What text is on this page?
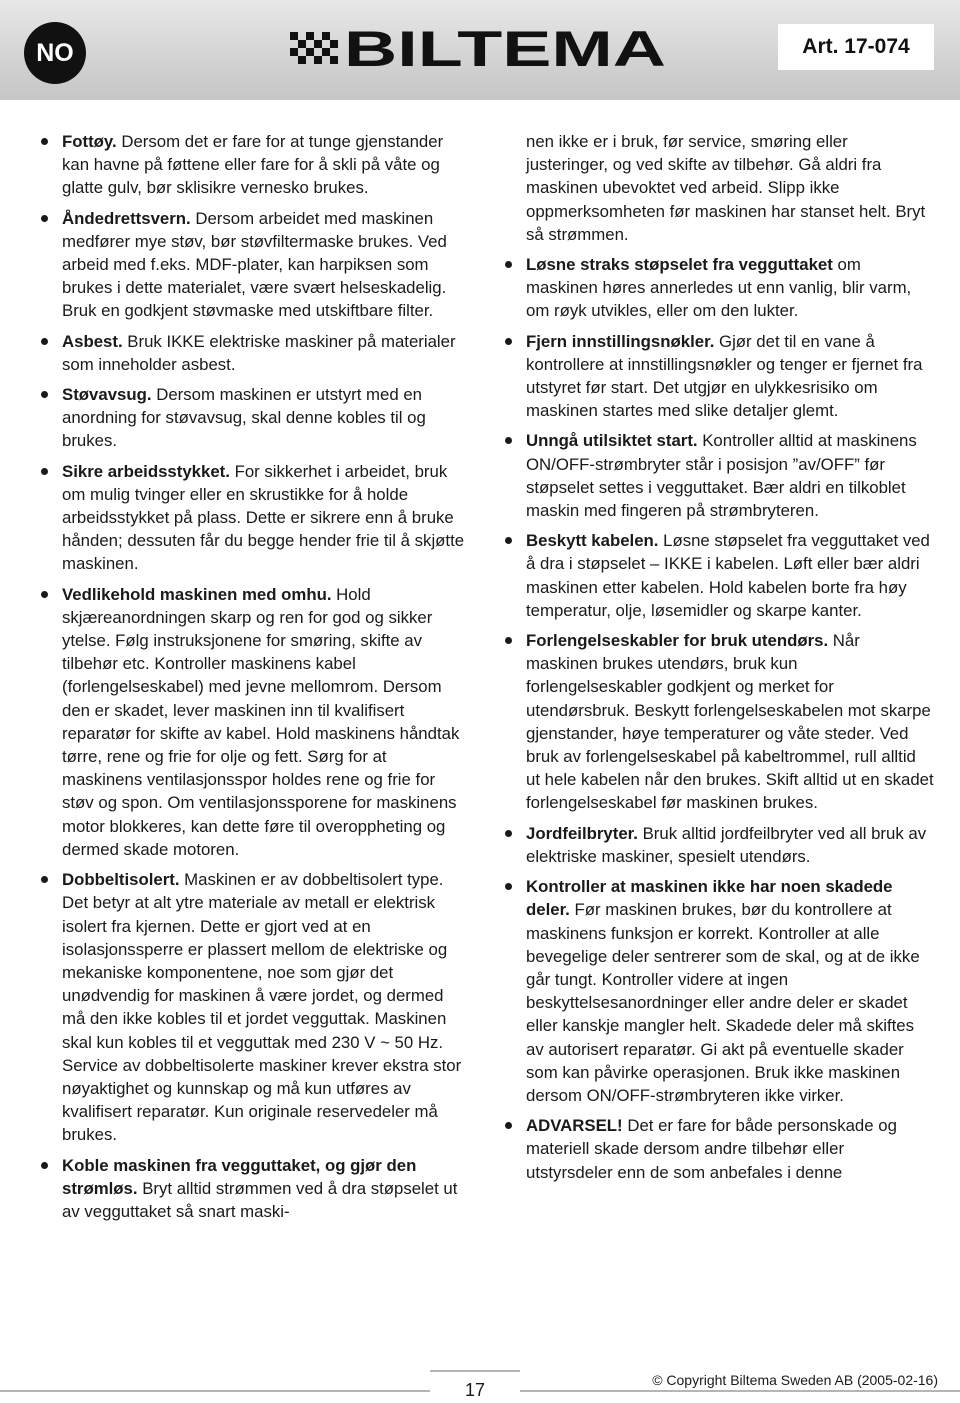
NO	BILTEMA	Art. 17-074
Fottøy. Dersom det er fare for at tunge gjenstander kan havne på føttene eller fare for å skli på våte og glatte gulv, bør sklisikre vernesko brukes.
Åndedrettsvern. Dersom arbeidet med maskinen medfører mye støv, bør støvfiltermaske brukes. Ved arbeid med f.eks. MDF-plater, kan harpiksen som brukes i dette materialet, være svært helseskadelig. Bruk en godkjent støvmaske med utskiftbare filter.
Asbest. Bruk IKKE elektriske maskiner på materialer som inneholder asbest.
Støvavsug. Dersom maskinen er utstyrt med en anordning for støvavsug, skal denne kobles til og brukes.
Sikre arbeidsstykket. For sikkerhet i arbeidet, bruk om mulig tvinger eller en skrustikke for å holde arbeidsstykket på plass. Dette er sikrere enn å bruke hånden; dessuten får du begge hender frie til å skjøtte maskinen.
Vedlikehold maskinen med omhu. Hold skjæreanordningen skarp og ren for god og sikker ytelse. Følg instruksjonene for smøring, skifte av tilbehør etc. Kontroller maskinens kabel (forlengelseskabel) med jevne mellomrom. Dersom den er skadet, lever maskinen inn til kvalifisert reparatør for skifte av kabel. Hold maskinens håndtak tørre, rene og frie for olje og fett. Sørg for at maskinens ventilasjonsspor holdes rene og frie for støv og spon. Om ventilasjonssporene for maskinens motor blokkeres, kan dette føre til overoppheting og dermed skade motoren.
Dobbeltisolert. Maskinen er av dobbeltisolert type. Det betyr at alt ytre materiale av metall er elektrisk isolert fra kjernen. Dette er gjort ved at en isolasjonssperre er plassert mellom de elektriske og mekaniske komponentene, noe som gjør det unødvendig for maskinen å være jordet, og dermed må den ikke kobles til et jordet vegguttak. Maskinen skal kun kobles til et vegguttak med 230 V ~ 50 Hz. Service av dobbeltisolerte maskiner krever ekstra stor nøyaktighet og kunnskap og må kun utføres av kvalifisert reparatør. Kun originale reservedeler må brukes.
Koble maskinen fra vegguttaket, og gjør den strømløs. Bryt alltid strømmen ved å dra støpselet ut av vegguttaket så snart maski-
nen ikke er i bruk, før service, smøring eller justeringer, og ved skifte av tilbehør. Gå aldri fra maskinen ubevoktet ved arbeid. Slipp ikke oppmerksomheten før maskinen har stanset helt. Bryt så strømmen.
Løsne straks støpselet fra vegguttaket om maskinen høres annerledes ut enn vanlig, blir varm, om røyk utvikles, eller om den lukter.
Fjern innstillingsnøkler. Gjør det til en vane å kontrollere at innstillingsnøkler og tenger er fjernet fra utstyret før start. Det utgjør en ulykkesrisiko om maskinen startes med slike detaljer glemt.
Unngå utilsiktet start. Kontroller alltid at maskinens ON/OFF-strømbryter står i posisjon ”av/OFF” før støpselet settes i vegguttaket. Bær aldri en tilkoblet maskin med fingeren på strømbryteren.
Beskytt kabelen. Løsne støpselet fra vegguttaket ved å dra i støpselet – IKKE i kabelen. Løft eller bær aldri maskinen etter kabelen. Hold kabelen borte fra høy temperatur, olje, løsemidler og skarpe kanter.
Forlengelseskabler for bruk utendørs. Når maskinen brukes utendørs, bruk kun forlengelseskabler godkjent og merket for utendørsbruk. Beskytt forlengelseskabelen mot skarpe gjenstander, høye temperaturer og våte steder. Ved bruk av forlengelseskabel på kabeltrommel, rull alltid ut hele kabelen når den brukes. Skift alltid ut en skadet forlengelseskabel før maskinen brukes.
Jordfeilbryter. Bruk alltid jordfeilbryter ved all bruk av elektriske maskiner, spesielt utendørs.
Kontroller at maskinen ikke har noen skadede deler. Før maskinen brukes, bør du kontrollere at maskinens funksjon er korrekt. Kontroller at alle bevegelige deler sentrerer som de skal, og at de ikke går tungt. Kontroller videre at ingen beskyttelsesanordninger eller andre deler er skadet eller kanskje mangler helt. Skadede deler må skiftes av autorisert reparatør. Gi akt på eventuelle skader som kan påvirke operasjonen. Bruk ikke maskinen dersom ON/OFF-strømbryteren ikke virker.
ADVARSEL! Det er fare for både personskade og materiell skade dersom andre tilbehør eller utstyrsdeler enn de som anbefales i denne
17	© Copyright Biltema Sweden AB (2005-02-16)
